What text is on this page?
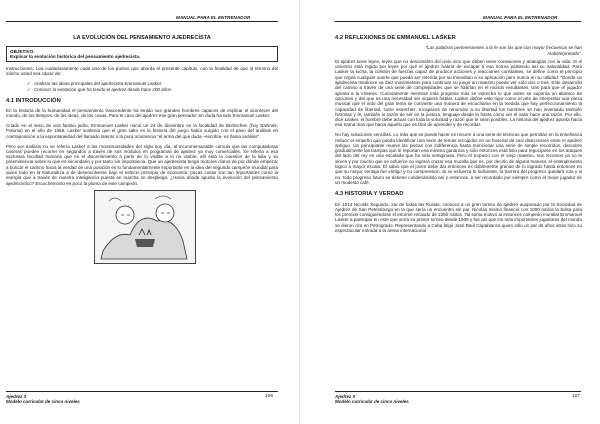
MANUAL PARA EL ENTRENADOR
LA EVOLUCIÓN DEL PENSAMIENTO AJEDRECISTA
OBJETIVO:
Explicar la evolución histórica del pensamiento ajedrecista.

Instrucciones: Lea cuidadosamente cada uno de los puntos que aborda el presente capítulo, con la finalidad de que al término del mismo usted sea capaz de:

✓ Analizar las ideas principales del ajedrecista Emmanuel Lasker.
✓ Conocer la evolución que ha tenido el ajedrez desde hace 200 años.
4.1 INTRODUCCIÓN

En la historia de la humanidad el pensamiento trascendente ha tenido sus grandes hombres capaces de explicar el acontecer del mundo, de los tiempos, de las ideas, de las cosas. Para el caso del ajedrez ese gran pensador sin duda ha sido Emmanuel Lasker.

Criado en el seno de una familia judía, Emmanuel Lasker nació un 24 de diciembre en la localidad de Berlinchen (hoy Barlinek, Polonia) en el año de 1868. Lasker sostenía que el gran salto en la historia del juego había surgido con el paso del análisis en contraposición a la espontaneidad del llamado talento o la pura ocurrencia "el arma del que duda –escribía- es llama análisis".

Pero por análisis no se refería Lasker a las monstruosidades del siglo hoy día, al inconmensurable cúmulo que las computadoras caseras pueden recorrer en segundos a través de sus módulos en programas de ajedrez ya muy comerciales. Se refería a esa exclusiva facultad humana que es el discernimiento a partir de lo visible a lo no visible; allí ésta la cuestión de la lidia y su preeminencia sobre lo que es secundario y por tanto sin importancia. Que un ajedrecista tenga motores claros de por dónde empezar a buscar el camino hacia la verdad de una posición es lo fundamentalmente importante en la idea del segundo campeón mundial para quien todo en la Naturaleza a de desenvolverse bajo el estricto principio de economía: pocas cosas son tan importantes como la energía que a través de nuestra inteligencia puesta en marcha se despliega. ¿Hacia dónde apunta la evolución del pensamiento ajedrecístico? Escuchémoslo en poco la pluma de este campeón.

Ajedrez 3
Modelo curricular de cinco niveles
106
MANUAL PARA EL ENTRENADOR
4.2 REFLEXIONES DE EMMANUEL LASKER
"Las palabras pertenecientes a la fe son las que con mayor frecuencia se han malinterpretado".

El ajedrez tiene leyes, leyes que no descienden del cielo sino que deben tener conexiones y analogías con la vida. Si el universo está regido por leyes por qué el ajedrez habría de escapar a esa norma partiendo así su naturalidad. Para Lasker la lucha, la colisión de fuerzas capaz de producir acciones y reacciones constantes, se define como el principio que regirá cualquier suerte que pueda ser referida por su inmediato a su aplicación pero nunca en su utilidad: "Donde un ajedrecista mediocre va diez movimientos para continuar su juego un maestro puede ver sólo dos o tres. Este desarrollo del camino a través de una serie de complejidades que se habrían en el mundo resultantes, tras para que el jugador apunta a la síntesis. Curiosamente mientras más progresa más se estrecha lo que antes se suponía un abanico de opciones y del que es una necesidad ser siquiera hablar. Lasker define este rigor como el arte de interpretar una pieza musical que el oído del gran tema se convierte una manera de escucharse en la medida que hay perfeccionamiento la capacidad de libertad, sutre estrechez. Incapaces de renunciar a su libertad los hombres se han inventado también historias y fe, también lo razón de ser en la justicia, lenguaje desde la hasta cómo ser el valor hace una razón. Por ello, dice Lasker, el hombre debe actuar con toda la voluntad y razón que le sean posibles. La historia del ajedrez apunta hacia esa trama más que hacia aquello que es fácil de aprender y de recordar.

No hay soluciones sencillas. Lo más que se puede hacer es recurrir a una serie de técnicas que permitan en la enseñanza reducir el empeño que pueda identificar una serie de temas recogidos en un historial de casi disecciones entre el ajedrez antiguo. Un principiante mueve las piezas con indiferencia hasta mencionar una serie de simple recorridos, descubre gradualmente las trampas que le reportan una mínima ganancia y sólo entonces está listo para regocijarse en los ataques del lado del rey en una escalada que ha sido vertiginosa. Pero el tropiezo con el viejo maestro, sus recursos ya no le sirven y por mucho que se esfuerce no logrará cruzar esa muralla que es, por decirlo de alguna manera, el entendimiento lógico a mayor escala. El sabio que el joven debe dar entonces es doblemente grande de lo logrado hasta entonces en que su mayor ventaja fue vértigo y no comprensión. Si se esfuerza lo suficiente, la barrera del progreso quedará rota y si no, todo progreso futuro se detiene condenándolo así y entonces, a ser recordado por siempre como el mejor jugador de un modesto café.

4.3 HISTORIA Y VERDAD

En 1914 Nicolás Segundo, zar de todas las Rusias, convocó a un gran torneo de ajedrez auspiciado por la Sociedad de Ajedrez de San Petersburgo en la que sería un encuentro sin par. Nicolás mismo financió con 1000 rublos la bolsa para los premios consiguiéndose el enorme recaudo de 3250 rublos. Tal suma motivó al entonces campeón mundial Emmanuel Lasker a participar en este que sería su primer torneo desde 1909 y fue así que los más importantes jugadores del mundo se dieron cita en Petrogrado. Representando a Cuba llegó José Raúl Capablanca quien sólo un par de años atrás hizo su espectacular entrada a la arena internacional

Ajedrez 3
Modelo curricular de cinco niveles
107
